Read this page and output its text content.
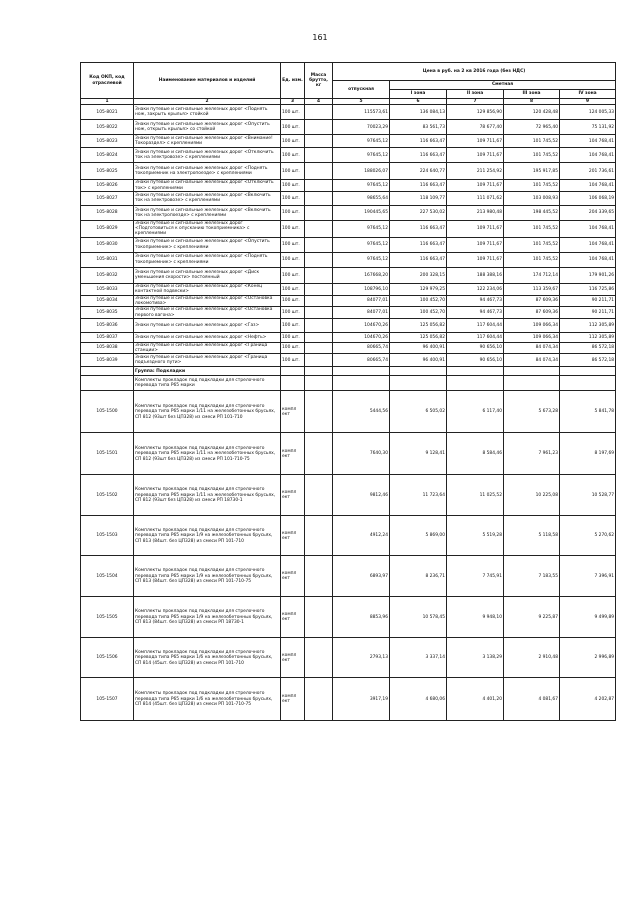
161
Код ОКП, код отраслевой	Наименование материалов и изделий	Ед. изм.	Масса брутто, кг	Цена в руб. на 2 кв 2016 года (без НДС)				
				отпускная	Сметная			
					I зона	II зона	III зона	IV зона
1	2	3	4	5	6	7	8	9
105-8021	Знаки путевые и сигнальные железных дорог <Поднять нож, закрыть крылья> стойкой	100 шт.		115573,61	136 084,13	129 856,90	120 428,48	124 005,33
105-8022	Знаки путевые и сигнальные железных дорог <Опустить нож, открыть крылья> со стойкой	100 шт.		70023,29	83 561,73	78 677,40	72 965,40	75 131,92
105-8023	Знаки путевые и сигнальные железных дорог <Внимание! Токораздел> с креплениями	100 шт.		97645,12	116 663,47	109 711,67	101 745,52	104 768,41
105-8024	Знаки путевые и сигнальные железных дорог <Отключить ток на электровозе> с креплениями	100 шт.		97645,12	116 663,47	109 711,67	101 745,52	104 768,41
105-8025	Знаки путевые и сигнальные железных дорог <Поднять токоприемник на электропоезде> с креплениями	100 шт.		188026,07	224 640,77	211 254,92	195 917,85	201 736,61
105-8026	Знаки путевые и сигнальные железных дорог <Отключить ток> с креплениями	100 шт.		97645,12	116 663,47	109 711,67	101 745,52	104 768,41
105-8027	Знаки путевые и сигнальные железных дорог <Включить ток на электровозе> с креплениями	100 шт.		98655,64	118 109,77	111 071,62	103 008,93	106 068,19
105-8028	Знаки путевые и сигнальные железных дорог <Включить ток на электропоезде> с креплениями	100 шт.		190445,65	227 530,02	213 980,48	198 445,52	204 339,65
105-8029	Знаки путевые и сигнальные железных дорог <Подготовиться к опусканию токоприемника> с креплениями	100 шт.		97645,12	116 663,47	109 711,67	101 745,52	104 768,41
105-8030	Знаки путевые и сигнальные железных дорог <Опустить токоприемник> с креплениями	100 шт.		97645,12	116 663,47	109 711,67	101 745,52	104 768,41
105-8031	Знаки путевые и сигнальные железных дорог <Поднять токоприемник> с креплениями	100 шт.		97645,12	116 663,47	109 711,67	101 745,52	104 768,41
105-8032	Знаки путевые и сигнальные железных дорог <Диск уменьшения скорости> постоянный	100 шт.		167668,20	200 328,15	188 388,16	174 712,14	179 901,26
105-8033	Знаки путевые и сигнальные железных дорог <Конец контактной подвески>	100 шт.		108796,10	129 979,25	122 234,06	113 359,67	116 725,86
105-8034	Знаки путевые и сигнальные железных дорог <Остановка локомотива>	100 шт.		84077,01	100 452,70	94 467,73	87 609,36	90 211,71
105-8035	Знаки путевые и сигнальные железных дорог <Остановка первого вагона>	100 шт.		84077,01	100 452,70	94 467,73	87 609,36	90 211,71
105-8036	Знаки путевые и сигнальные железных дорог <Газ>	100 шт.		104670,26	125 056,82	117 604,44	109 066,34	112 305,89
105-8037	Знаки путевые и сигнальные железных дорог <Нефть>	100 шт.		104670,26	125 056,82	117 604,44	109 066,34	112 305,89
105-8038	Знаки путевые и сигнальные железных дорог <Граница станции>	100 шт.		80665,74	96 400,91	90 656,10	84 074,34	86 572,18
105-8039	Знаки путевые и сигнальные железных дорог <Граница подъездного пути>	100 шт.		80665,74	96 400,91	90 656,10	84 074,34	86 572,18
	Группа: Подкладки							
	Комплекты прокладок под подкладки для стрелочного перевода типа Р65 марки							
105-1500	Комплекты прокладок под подкладки для стрелочного перевода типа Р65 марки 1/11 на железобетонных брусьях, СП 812 (93шт без ЦП328) из смеси РП 101-710	компл ект		5444,56	6 505,02	6 117,40	5 673,28	5 841,78
105-1501	Комплекты прокладок под подкладки для стрелочного перевода типа Р65 марки 1/11 на железобетонных брусьях, СП 812 (93шт без ЦП328) из смеси РП 101-710-75	компл ект		7640,30	9 128,41	8 584,46	7 961,23	8 197,69
105-1502	Комплекты прокладок под подкладки для стрелочного перевода типа Р65 марки 1/11 на железобетонных брусьях, СП 812 (93шт без ЦП328) из смеси РП 18730-1	компл ект		9812,46	11 723,64	11 025,52	10 225,08	10 528,77
105-1503	Комплекты прокладок под подкладки для стрелочного перевода типа Р65 марки 1/9 на железобетонных брусьях, СП 813 (84шт. без ЦП328) из смеси РП 101-710	компл ект		4912,24	5 869,00	5 519,28	5 118,58	5 270,62
105-1504	Комплекты прокладок под подкладки для стрелочного перевода типа Р65 марки 1/9 на железобетонных брусьях, СП 813 (84шт. без ЦП328) из смеси РП 101-710-75	компл ект		6893,97	8 236,71	7 745,91	7 183,55	7 396,91
105-1505	Комплекты прокладок под подкладки для стрелочного перевода типа Р65 марки 1/9 на железобетонных брусьях, СП 813 (84шт. без ЦП328) из смеси РП 18730-1	компл ект		8853,96	10 578,45	9 948,10	9 225,87	9 499,89
105-1506	Комплекты прокладок под подкладки для стрелочного перевода типа Р65 марки 1/6 на железобетонных брусьях, СП 814 (45шт. без ЦП328) из смеси РП 101-710	компл ект		2793,13	3 337,14	3 138,29	2 910,48	2 996,89
105-1507	Комплекты прокладок под подкладки для стрелочного перевода типа Р65 марки 1/6 на железобетонных брусьях, СП 814 (45шт. без ЦП328) из смеси РП 101-710-75	компл ект		3917,19	4 680,06	4 401,20	4 081,67	4 202,87
